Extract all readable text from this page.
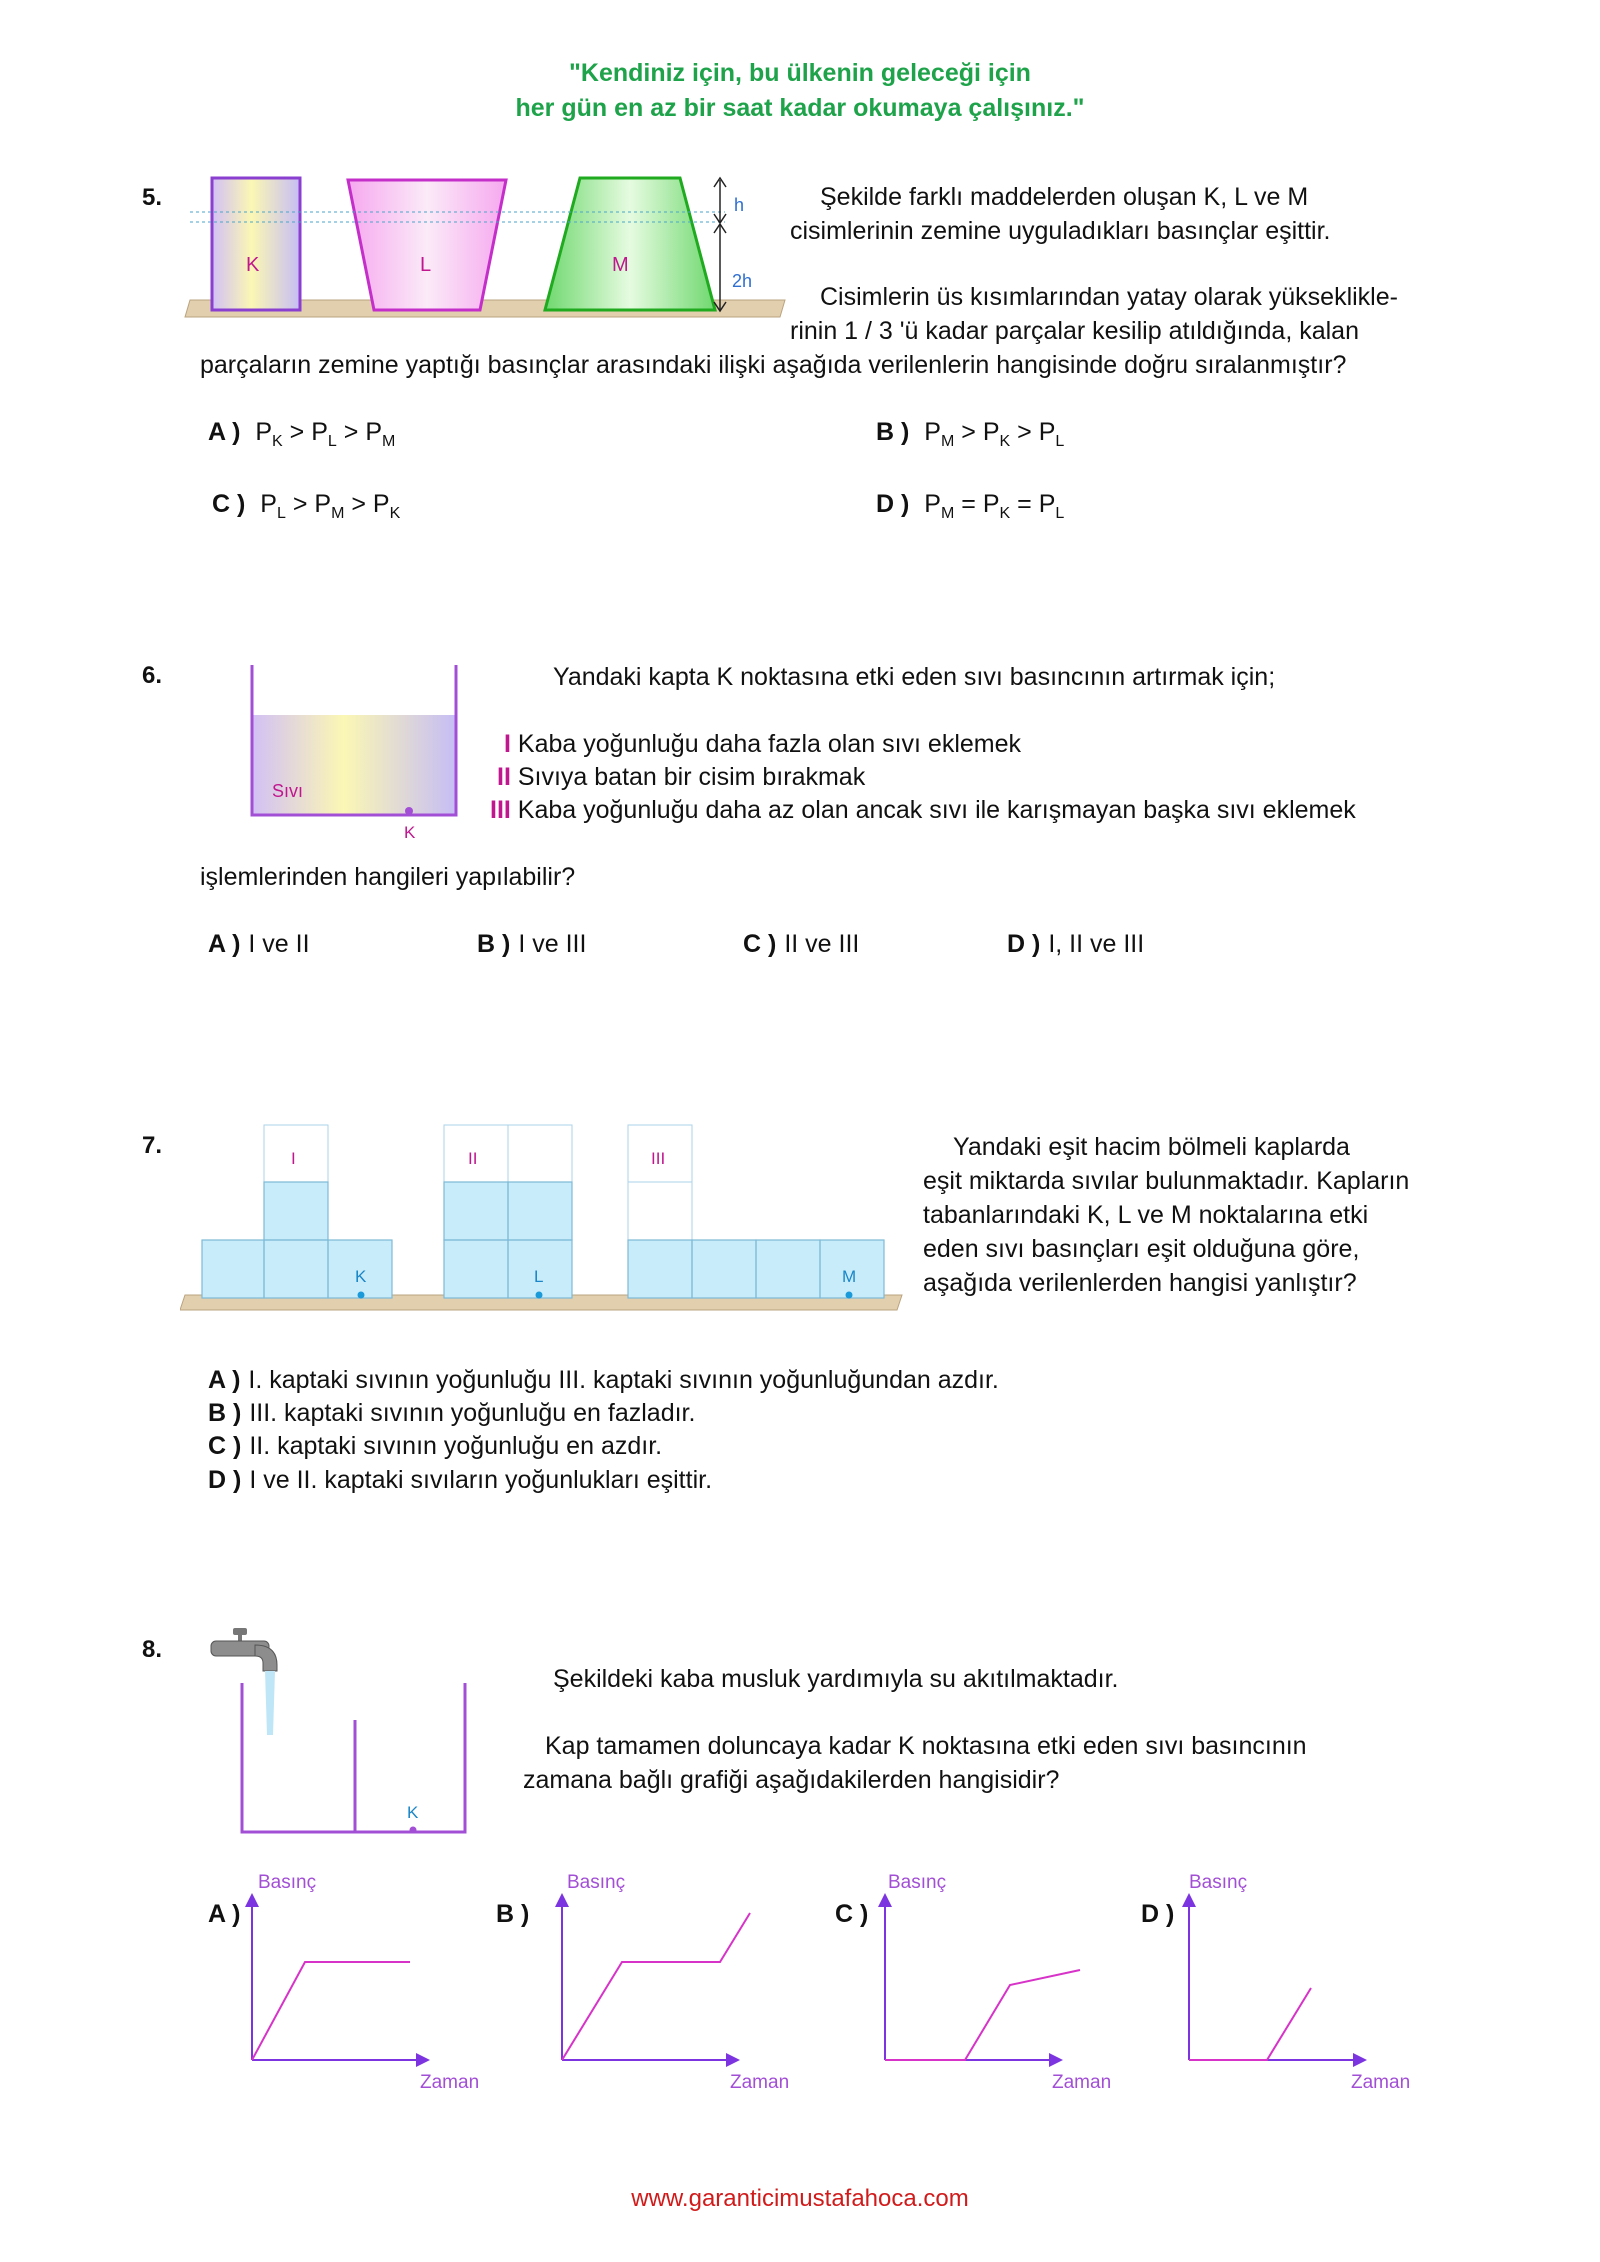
"Kendiniz için, bu ülkenin geleceği için
her gün en az bir saat kadar okumaya çalışınız."
5.
K	L	M
h
2h
Şekilde farklı maddelerden oluşan K, L ve M
cisimlerinin zemine uyguladıkları basınçlar eşittir.
Cisimlerin üs kısımlarından yatay olarak yükseklikle-
rinin 1 / 3 'ü kadar parçalar kesilip atıldığında, kalan
parçaların zemine yaptığı basınçlar arasındaki ilişki aşağıda verilenlerin hangisinde doğru sıralanmıştır?
A ) $P_K > P_L > P_M$	B ) $P_M > P_K > P_L$
C ) $P_L > P_M > P_K$	D ) $P_M = P_K = P_L$
6.
Sıvı
K
Yandaki kapta K noktasına etki eden sıvı basıncının artırmak için;
I Kaba yoğunluğu daha fazla olan sıvı eklemek
II Sıvıya batan bir cisim bırakmak
III Kaba yoğunluğu daha az olan ancak sıvı ile karışmayan başka sıvı eklemek
işlemlerinden hangileri yapılabilir?
A ) I ve II	B ) I ve III	C ) II ve III	D ) I, II ve III
7.	I	II	III
K	L	M
Yandaki eşit hacim bölmeli kaplarda
eşit miktarda sıvılar bulunmaktadır. Kapların
tabanlarındaki K, L ve M noktalarına etki
eden sıvı basınçları eşit olduğuna göre,
aşağıda verilenlerden hangisi yanlıştır?
A ) I. kaptaki sıvının yoğunluğu III. kaptaki sıvının yoğunluğundan azdır.
B ) III. kaptaki sıvının yoğunluğu en fazladır.
C ) II. kaptaki sıvının yoğunluğu en azdır.
D ) I ve II. kaptaki sıvıların yoğunlukları eşittir.
8.
K
Şekildeki kaba musluk yardımıyla su akıtılmaktadır.
Kap tamamen doluncaya kadar K noktasına etki eden sıvı basıncının
zamana bağlı grafiği aşağıdakilerden hangisidir?
A )
Basınç
Zaman
B )
Basınç
Zaman
C )
Basınç
Zaman
D )
Basınç
Zaman
www.garanticimustafahoca.com
